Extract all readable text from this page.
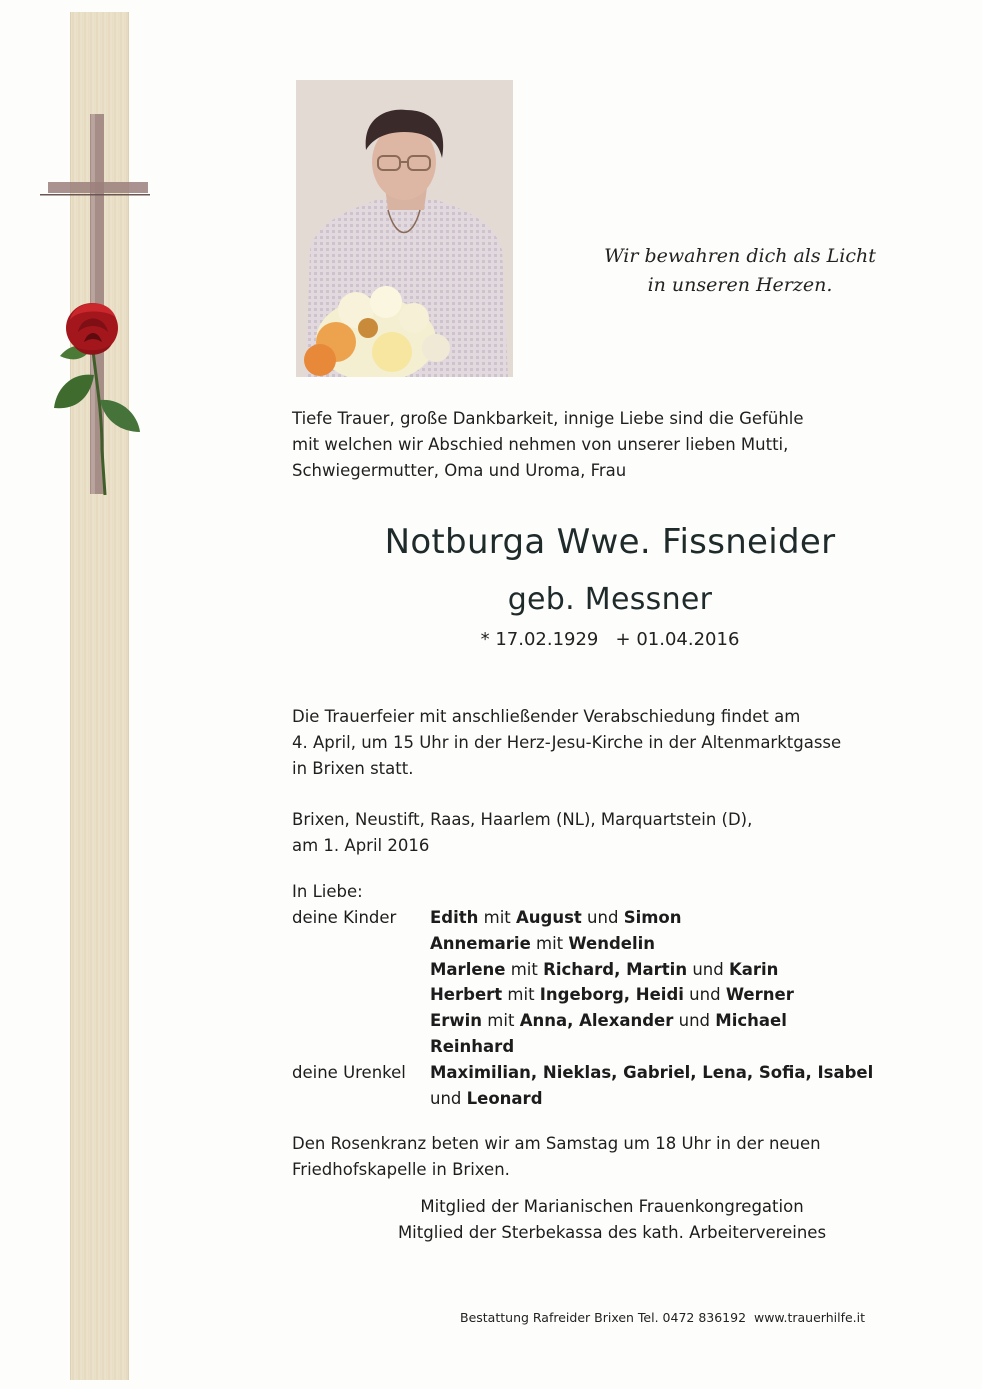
Wir bewahren dich als Licht
in unseren Herzen.
Tiefe Trauer, große Dankbarkeit, innige Liebe sind die Gefühle
mit welchen wir Abschied nehmen von unserer lieben Mutti,
Schwiegermutter, Oma und Uroma, Frau
Notburga Wwe. Fissneider
geb. Messner
* 17.02.1929   + 01.04.2016
Die Trauerfeier mit anschließender Verabschiedung findet am
4. April, um 15 Uhr in der Herz-Jesu-Kirche in der Altenmarktgasse
in Brixen statt.
Brixen, Neustift, Raas, Haarlem (NL), Marquartstein (D),
am 1. April 2016
In Liebe:
deine Kinder	Edith mit August und Simon
Annemarie mit Wendelin
Marlene mit Richard, Martin und Karin
Herbert mit Ingeborg, Heidi und Werner
Erwin mit Anna, Alexander und Michael
Reinhard
deine Urenkel	Maximilian, Nieklas, Gabriel, Lena, Sofia, Isabel
und Leonard
Den Rosenkranz beten wir am Samstag um 18 Uhr in der neuen
Friedhofskapelle in Brixen.
Mitglied der Marianischen Frauenkongregation
Mitglied der Sterbekassa des kath. Arbeitervereines
Bestattung Rafreider Brixen Tel. 0472 836192  www.trauerhilfe.it
